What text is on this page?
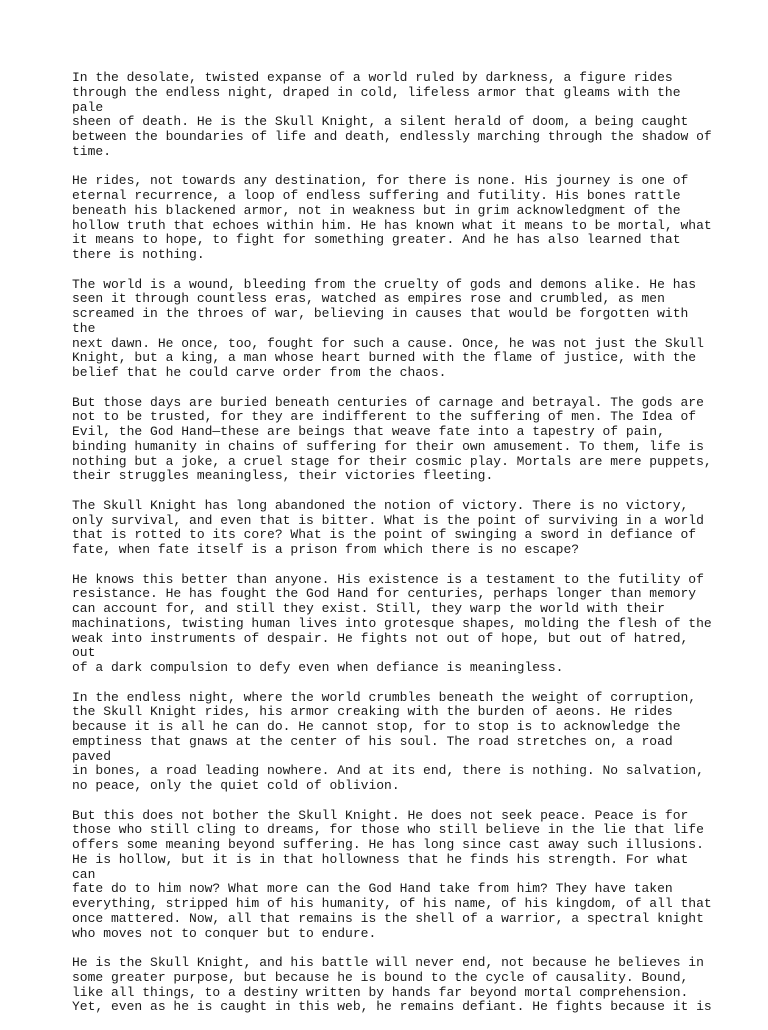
In the desolate, twisted expanse of a world ruled by darkness, a figure rides
through the endless night, draped in cold, lifeless armor that gleams with the pale
sheen of death. He is the Skull Knight, a silent herald of doom, a being caught
between the boundaries of life and death, endlessly marching through the shadow of
time.

He rides, not towards any destination, for there is none. His journey is one of
eternal recurrence, a loop of endless suffering and futility. His bones rattle
beneath his blackened armor, not in weakness but in grim acknowledgment of the
hollow truth that echoes within him. He has known what it means to be mortal, what
it means to hope, to fight for something greater. And he has also learned that
there is nothing.

The world is a wound, bleeding from the cruelty of gods and demons alike. He has
seen it through countless eras, watched as empires rose and crumbled, as men
screamed in the throes of war, believing in causes that would be forgotten with the
next dawn. He once, too, fought for such a cause. Once, he was not just the Skull
Knight, but a king, a man whose heart burned with the flame of justice, with the
belief that he could carve order from the chaos.

But those days are buried beneath centuries of carnage and betrayal. The gods are
not to be trusted, for they are indifferent to the suffering of men. The Idea of
Evil, the God Hand—these are beings that weave fate into a tapestry of pain,
binding humanity in chains of suffering for their own amusement. To them, life is
nothing but a joke, a cruel stage for their cosmic play. Mortals are mere puppets,
their struggles meaningless, their victories fleeting.

The Skull Knight has long abandoned the notion of victory. There is no victory,
only survival, and even that is bitter. What is the point of surviving in a world
that is rotted to its core? What is the point of swinging a sword in defiance of
fate, when fate itself is a prison from which there is no escape?

He knows this better than anyone. His existence is a testament to the futility of
resistance. He has fought the God Hand for centuries, perhaps longer than memory
can account for, and still they exist. Still, they warp the world with their
machinations, twisting human lives into grotesque shapes, molding the flesh of the
weak into instruments of despair. He fights not out of hope, but out of hatred, out
of a dark compulsion to defy even when defiance is meaningless.

In the endless night, where the world crumbles beneath the weight of corruption,
the Skull Knight rides, his armor creaking with the burden of aeons. He rides
because it is all he can do. He cannot stop, for to stop is to acknowledge the
emptiness that gnaws at the center of his soul. The road stretches on, a road paved
in bones, a road leading nowhere. And at its end, there is nothing. No salvation,
no peace, only the quiet cold of oblivion.

But this does not bother the Skull Knight. He does not seek peace. Peace is for
those who still cling to dreams, for those who still believe in the lie that life
offers some meaning beyond suffering. He has long since cast away such illusions.
He is hollow, but it is in that hollowness that he finds his strength. For what can
fate do to him now? What more can the God Hand take from him? They have taken
everything, stripped him of his humanity, of his name, of his kingdom, of all that
once mattered. Now, all that remains is the shell of a warrior, a spectral knight
who moves not to conquer but to endure.

He is the Skull Knight, and his battle will never end, not because he believes in
some greater purpose, but because he is bound to the cycle of causality. Bound,
like all things, to a destiny written by hands far beyond mortal comprehension.
Yet, even as he is caught in this web, he remains defiant. He fights because it is
